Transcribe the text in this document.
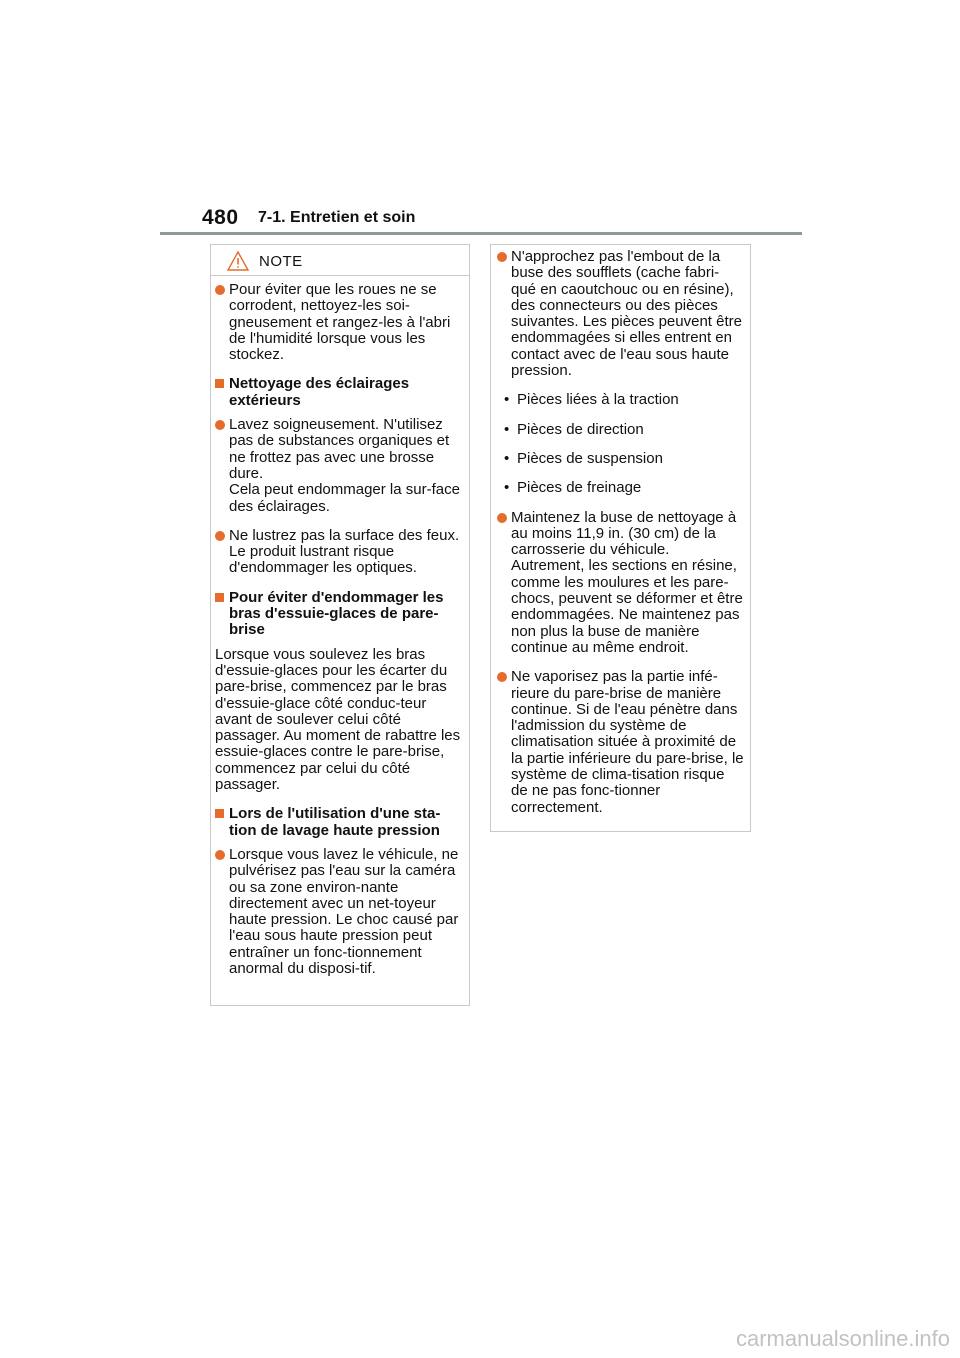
480 7-1. Entretien et soin
NOTE
Pour éviter que les roues ne se corrodent, nettoyez-les soi-gneusement et rangez-les à l'abri de l'humidité lorsque vous les stockez.
Nettoyage des éclairages extérieurs
Lavez soigneusement. N'utilisez pas de substances organiques et ne frottez pas avec une brosse dure.
Cela peut endommager la sur-face des éclairages.
Ne lustrez pas la surface des feux.
Le produit lustrant risque d'endommager les optiques.
Pour éviter d'endommager les bras d'essuie-glaces de pare-brise
Lorsque vous soulevez les bras d'essuie-glaces pour les écarter du pare-brise, commencez par le bras d'essuie-glace côté conduc-teur avant de soulever celui côté passager. Au moment de rabattre les essuie-glaces contre le pare-brise, commencez par celui du côté passager.
Lors de l'utilisation d'une sta-tion de lavage haute pression
Lorsque vous lavez le véhicule, ne pulvérisez pas l'eau sur la caméra ou sa zone environ-nante directement avec un net-toyeur haute pression. Le choc causé par l'eau sous haute pression peut entraîner un fonc-tionnement anormal du disposi-tif.
N'approchez pas l'embout de la buse des soufflets (cache fabri-qué en caoutchouc ou en résine), des connecteurs ou des pièces suivantes. Les pièces peuvent être endommagées si elles entrent en contact avec de l'eau sous haute pression.
• Pièces liées à la traction
• Pièces de direction
• Pièces de suspension
• Pièces de freinage
Maintenez la buse de nettoyage à au moins 11,9 in. (30 cm) de la carrosserie du véhicule. Autrement, les sections en résine, comme les moulures et les pare-chocs, peuvent se déformer et être endommagées. Ne maintenez pas non plus la buse de manière continue au même endroit.
Ne vaporisez pas la partie infé-rieure du pare-brise de manière continue. Si de l'eau pénètre dans l'admission du système de climatisation située à proximité de la partie inférieure du pare-brise, le système de clima-tisation risque de ne pas fonc-tionner correctement.
carmanualsonline.info
